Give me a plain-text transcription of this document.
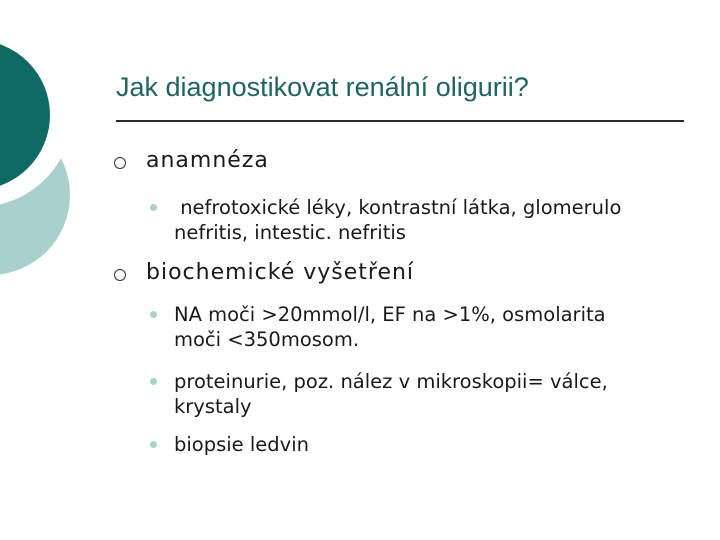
Jak diagnostikovat renální oligurii?
anamnéza
nefrotoxické léky, kontrastní látka, glomerulo nefritis, intestic. nefritis
biochemické vyšetření
NA moči >20mmol/l, EF na >1%, osmolarita moči <350mosom.
proteinurie, poz. nález v mikroskopii= válce, krystaly
biopsie ledvin
